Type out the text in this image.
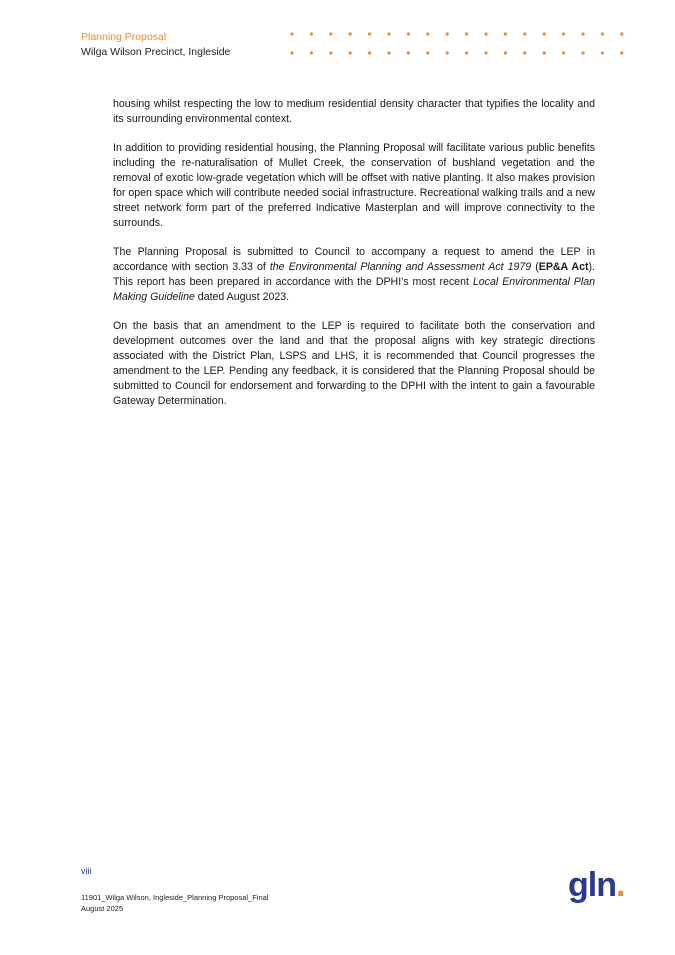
Planning Proposal
Wilga Wilson Precinct, Ingleside

housing whilst respecting the low to medium residential density character that typifies the locality and its surrounding environmental context.

In addition to providing residential housing, the Planning Proposal will facilitate various public benefits including the re-naturalisation of Mullet Creek, the conservation of bushland vegetation and the removal of exotic low-grade vegetation which will be offset with native planting. It also makes provision for open space which will contribute needed social infrastructure. Recreational walking trails and a new street network form part of the preferred Indicative Masterplan and will improve connectivity to the surrounds.

The Planning Proposal is submitted to Council to accompany a request to amend the LEP in accordance with section 3.33 of the Environmental Planning and Assessment Act 1979 (EP&A Act). This report has been prepared in accordance with the DPHI’s most recent Local Environmental Plan Making Guideline dated August 2023.

On the basis that an amendment to the LEP is required to facilitate both the conservation and development outcomes over the land and that the proposal aligns with key strategic directions associated with the District Plan, LSPS and LHS, it is recommended that Council progresses the amendment to the LEP. Pending any feedback, it is considered that the Planning Proposal should be submitted to Council for endorsement and forwarding to the DPHI with the intent to gain a favourable Gateway Determination.

viii
11901_Wilga Wilson, Ingleside_Planning Proposal_Final
August 2025
gln.
